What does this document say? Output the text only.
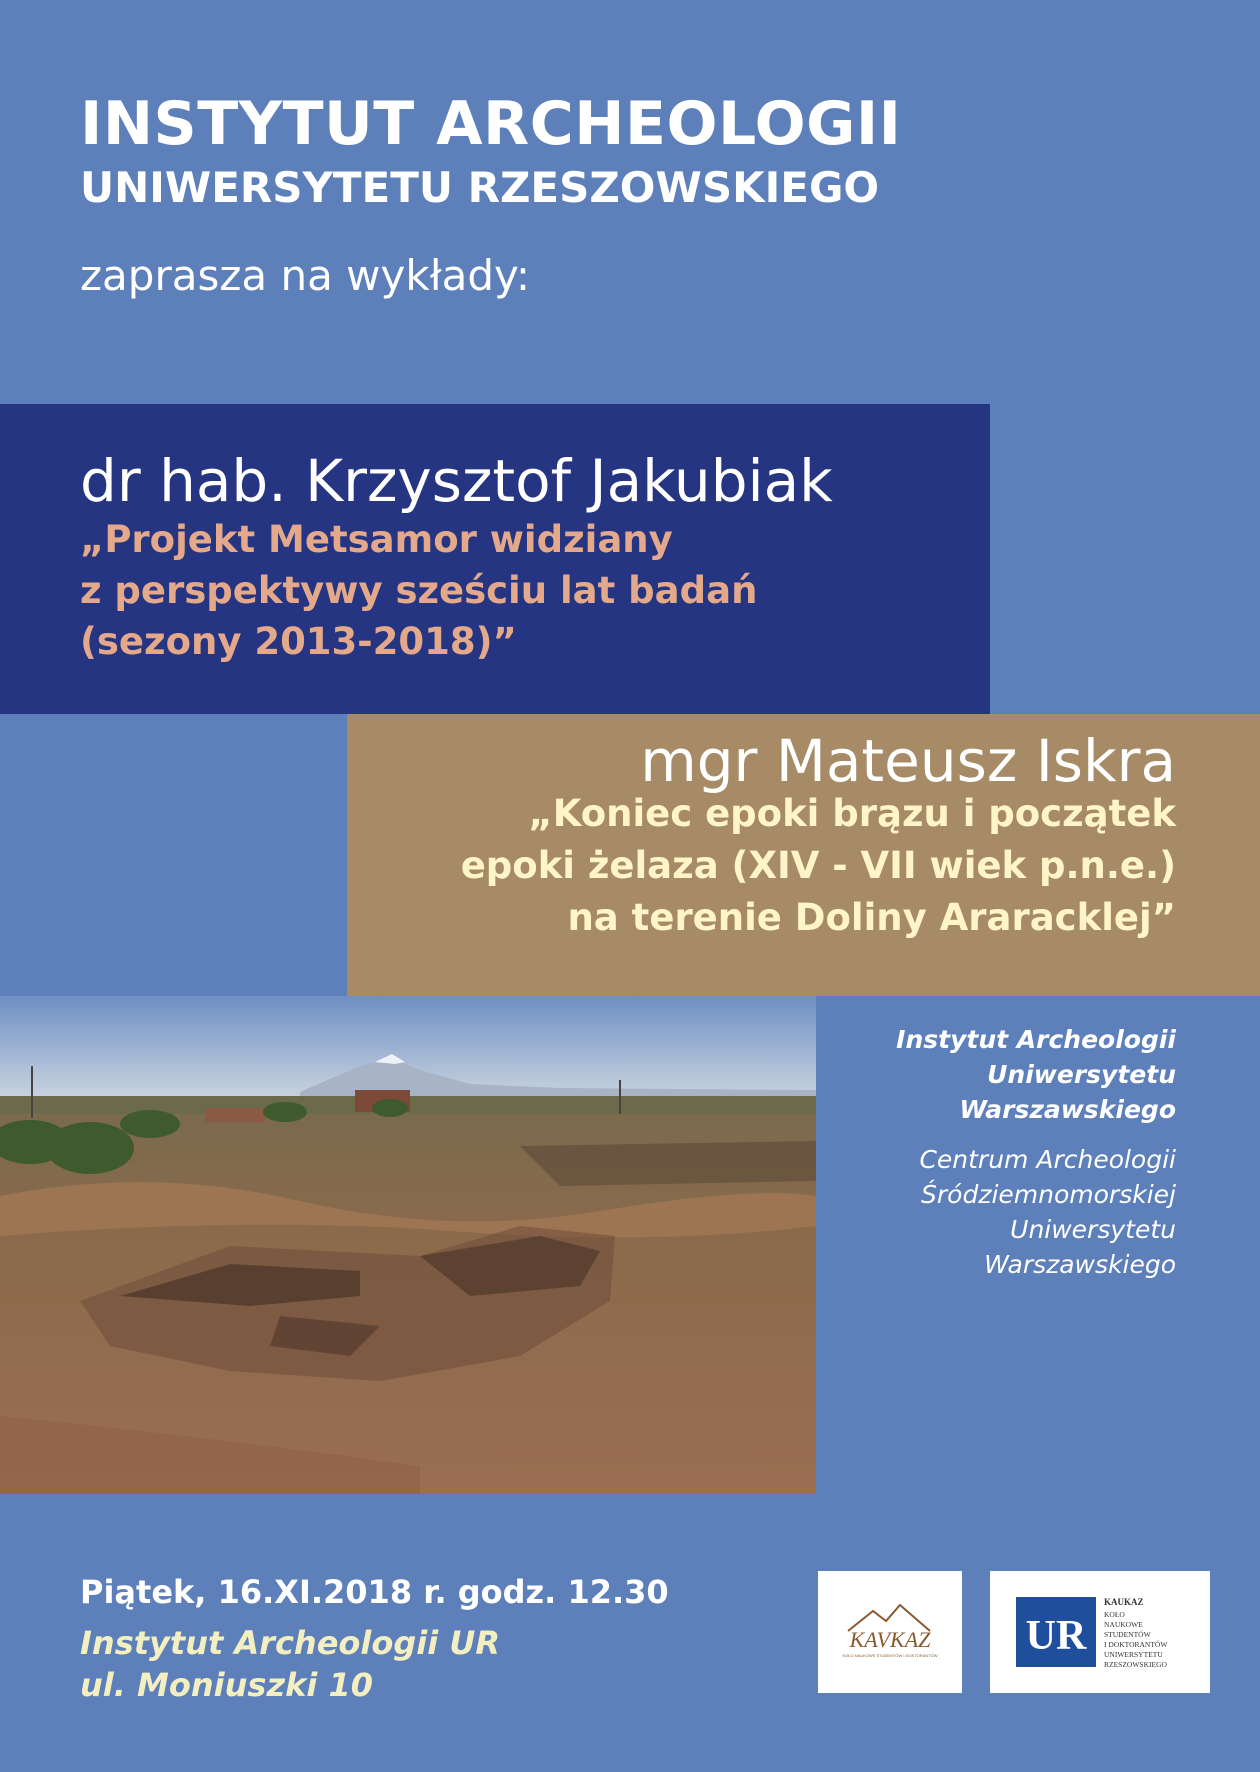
INSTYTUT ARCHEOLOGII
UNIWERSYTETU RZESZOWSKIEGO
zaprasza na wykłady:
dr hab. Krzysztof Jakubiak
„Projekt Metsamor widziany
z perspektywy sześciu lat badań
(sezony 2013-2018)”
mgr Mateusz Iskra
„Koniec epoki brązu i początek
epoki żelaza (XIV - VII wiek p.n.e.)
na terenie Doliny Araracklej”
Instytut Archeologii
Uniwersytetu
Warszawskiego
Centrum Archeologii
Śródziemnomorskiej
Uniwersytetu
Warszawskiego
Piątek, 16.XI.2018 r. godz. 12.30
Instytut Archeologii UR
ul. Moniuszki 10
KAVKAZ
KOŁO NAUKOWE STUDENTÓW I DOKTORANTÓW UR
KAUKAZ
KOŁO
NAUKOWE
STUDENTÓW
I DOKTORANTÓW
UNIWERSYTETU
RZESZOWSKIEGO
